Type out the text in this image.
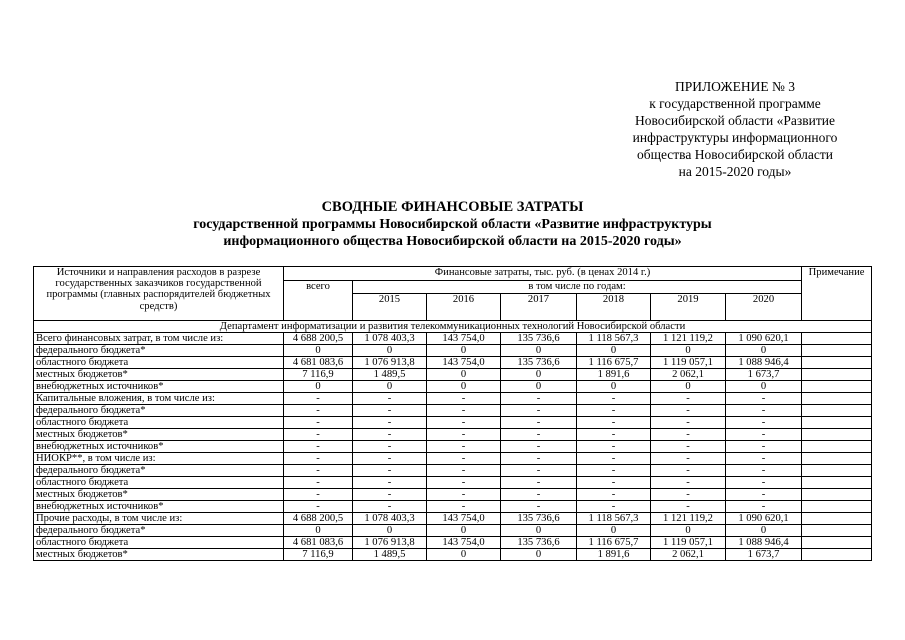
ПРИЛОЖЕНИЕ № 3
к государственной программе
Новосибирской области «Развитие
инфраструктуры информационного
общества Новосибирской области
на 2015-2020 годы»
СВОДНЫЕ ФИНАНСОВЫЕ ЗАТРАТЫ
государственной программы Новосибирской области «Развитие инфраструктуры
информационного общества Новосибирской области на 2015-2020 годы»
Источники и направления расходов в разрезе государственных заказчиков государственной программы (главных распорядителей бюджетных средств)	Финансовые затраты, тыс. руб. (в ценах 2014 г.)							Примечание
	всего	в том числе по годам:						
		2015	2016	2017	2018	2019	2020	
Департамент информатизации и развития телекоммуникационных технологий Новосибирской области								
Всего финансовых затрат, в том числе из:	4 688 200,5	1 078 403,3	143 754,0	135 736,6	1 118 567,3	1 121 119,2	1 090 620,1	
федерального бюджета*	0	0	0	0	0	0	0	
областного бюджета	4 681 083,6	1 076 913,8	143 754,0	135 736,6	1 116 675,7	1 119 057,1	1 088 946,4	
местных бюджетов*	7 116,9	1 489,5	0	0	1 891,6	2 062,1	1 673,7	
внебюджетных источников*	0	0	0	0	0	0	0	
Капитальные вложения, в том числе из:	-	-	-	-	-	-	-	
федерального бюджета*	-	-	-	-	-	-	-	
областного бюджета	-	-	-	-	-	-	-	
местных бюджетов*	-	-	-	-	-	-	-	
внебюджетных источников*	-	-	-	-	-	-	-	
НИОКР**, в том числе из:	-	-	-	-	-	-	-	
федерального бюджета*	-	-	-	-	-	-	-	
областного бюджета	-	-	-	-	-	-	-	
местных бюджетов*	-	-	-	-	-	-	-	
внебюджетных источников*	-	-	-	-	-	-	-	
Прочие расходы, в том числе из:	4 688 200,5	1 078 403,3	143 754,0	135 736,6	1 118 567,3	1 121 119,2	1 090 620,1	
федерального бюджета*	0	0	0	0	0	0	0	
областного бюджета	4 681 083,6	1 076 913,8	143 754,0	135 736,6	1 116 675,7	1 119 057,1	1 088 946,4	
местных бюджетов*	7 116,9	1 489,5	0	0	1 891,6	2 062,1	1 673,7	
